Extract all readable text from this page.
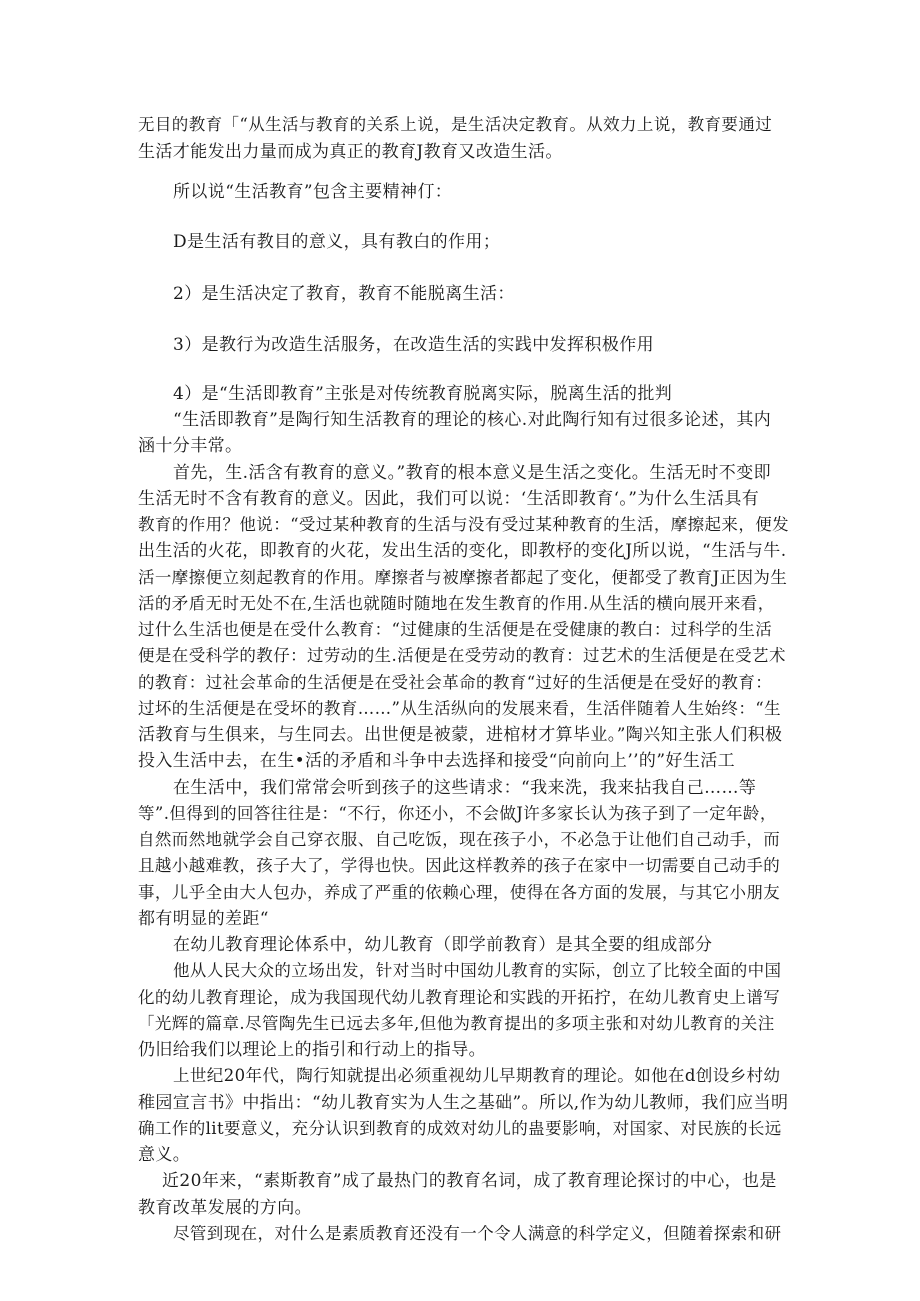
无目的教育「“从生活与教育的关系上说，是生活决定教育。从效力上说，教育要通过
生活才能发出力量而成为真正的教育J教育又改造生活。
所以说“生活教育”包含主要精神仃：
D是生活有教目的意义，具有教白的作用；
2）是生活决定了教育，教育不能脱离生活：
3）是教行为改造生活服务，在改造生活的实践中发挥积极作用
4）是“生活即教育”主张是对传统教育脱离实际，脱离生活的批判
“生活即教育”是陶行知生活教育的理论的核心.对此陶行知有过很多论述，其内
涵十分丰常。
首先，生.活含有教育的意义。”教育的根本意义是生活之变化。生活无时不变即
生活无时不含有教育的意义。因此，我们可以说：‘生活即教育‘。”为什么生活具有
教育的作用？他说：“受过某种教育的生活与没有受过某种教育的生活，摩擦起来，便发
出生活的火花，即教育的火花，发出生活的变化，即教杼的变化J所以说，“生活与牛.
活一摩擦便立刻起教育的作用。摩擦者与被摩擦者都起了变化，便都受了教育J正因为生
活的矛盾无时无处不在,生活也就随时随地在发生教育的作用.从生活的横向展开来看，
过什么生活也便是在受什么教育：“过健康的生活便是在受健康的教白：过科学的生活
便是在受科学的教仔：过劳动的生.活便是在受劳动的教育：过艺术的生活便是在受艺术
的教育：过社会革命的生活便是在受社会革命的教育“过好的生活便是在受好的教育：
过坏的生活便是在受坏的教育……”从生活纵向的发展来看，生活伴随着人生始终：“生
活教育与生俱来，与生同去。出世便是被蒙，进棺材才算毕业。”陶兴知主张人们积极
投入生活中去，在生•活的矛盾和斗争中去选择和接受“向前向上’’的”好生活工
在生活中，我们常常会听到孩子的这些请求：“我来洗，我来拈我自己……等
等”.但得到的回答往往是：“不行，你还小，不会做J许多家长认为孩子到了一定年龄，
自然而然地就学会自己穿衣服、自己吃饭，现在孩子小，不必急于让他们自己动手，而
且越小越难教，孩子大了，学得也快。因此这样教养的孩子在家中一切需要自己动手的
事，儿乎全由大人包办，养成了严重的依赖心理，使得在各方面的发展，与其它小朋友
都有明显的差距“
在幼儿教育理论体系中，幼儿教育（即学前教育）是其全要的组成部分
他从人民大众的立场出发，针对当时中国幼儿教育的实际，创立了比较全面的中国
化的幼儿教育理论，成为我国现代幼儿教育理论和实践的开拓拧，在幼儿教育史上谱写
「光辉的篇章.尽管陶先生已远去多年,但他为教育提出的多项主张和对幼儿教育的关注
仍旧给我们以理论上的指引和行动上的指导。
上世纪20年代，陶行知就提出必须重视幼儿早期教育的理论。如他在d创设乡村幼
稚园宣言书》中指出：“幼儿教育实为人生之基础”。所以,作为幼儿教师，我们应当明
确工作的lit要意义，充分认识到教育的成效对幼儿的蛊要影响，对国家、对民族的长远
意义。
近20年来，“素斯教育”成了最热门的教育名词，成了教育理论探讨的中心，也是
教育改革发展的方向。
尽管到现在，对什么是素质教育还没有一个令人满意的科学定义，但随着探索和研
